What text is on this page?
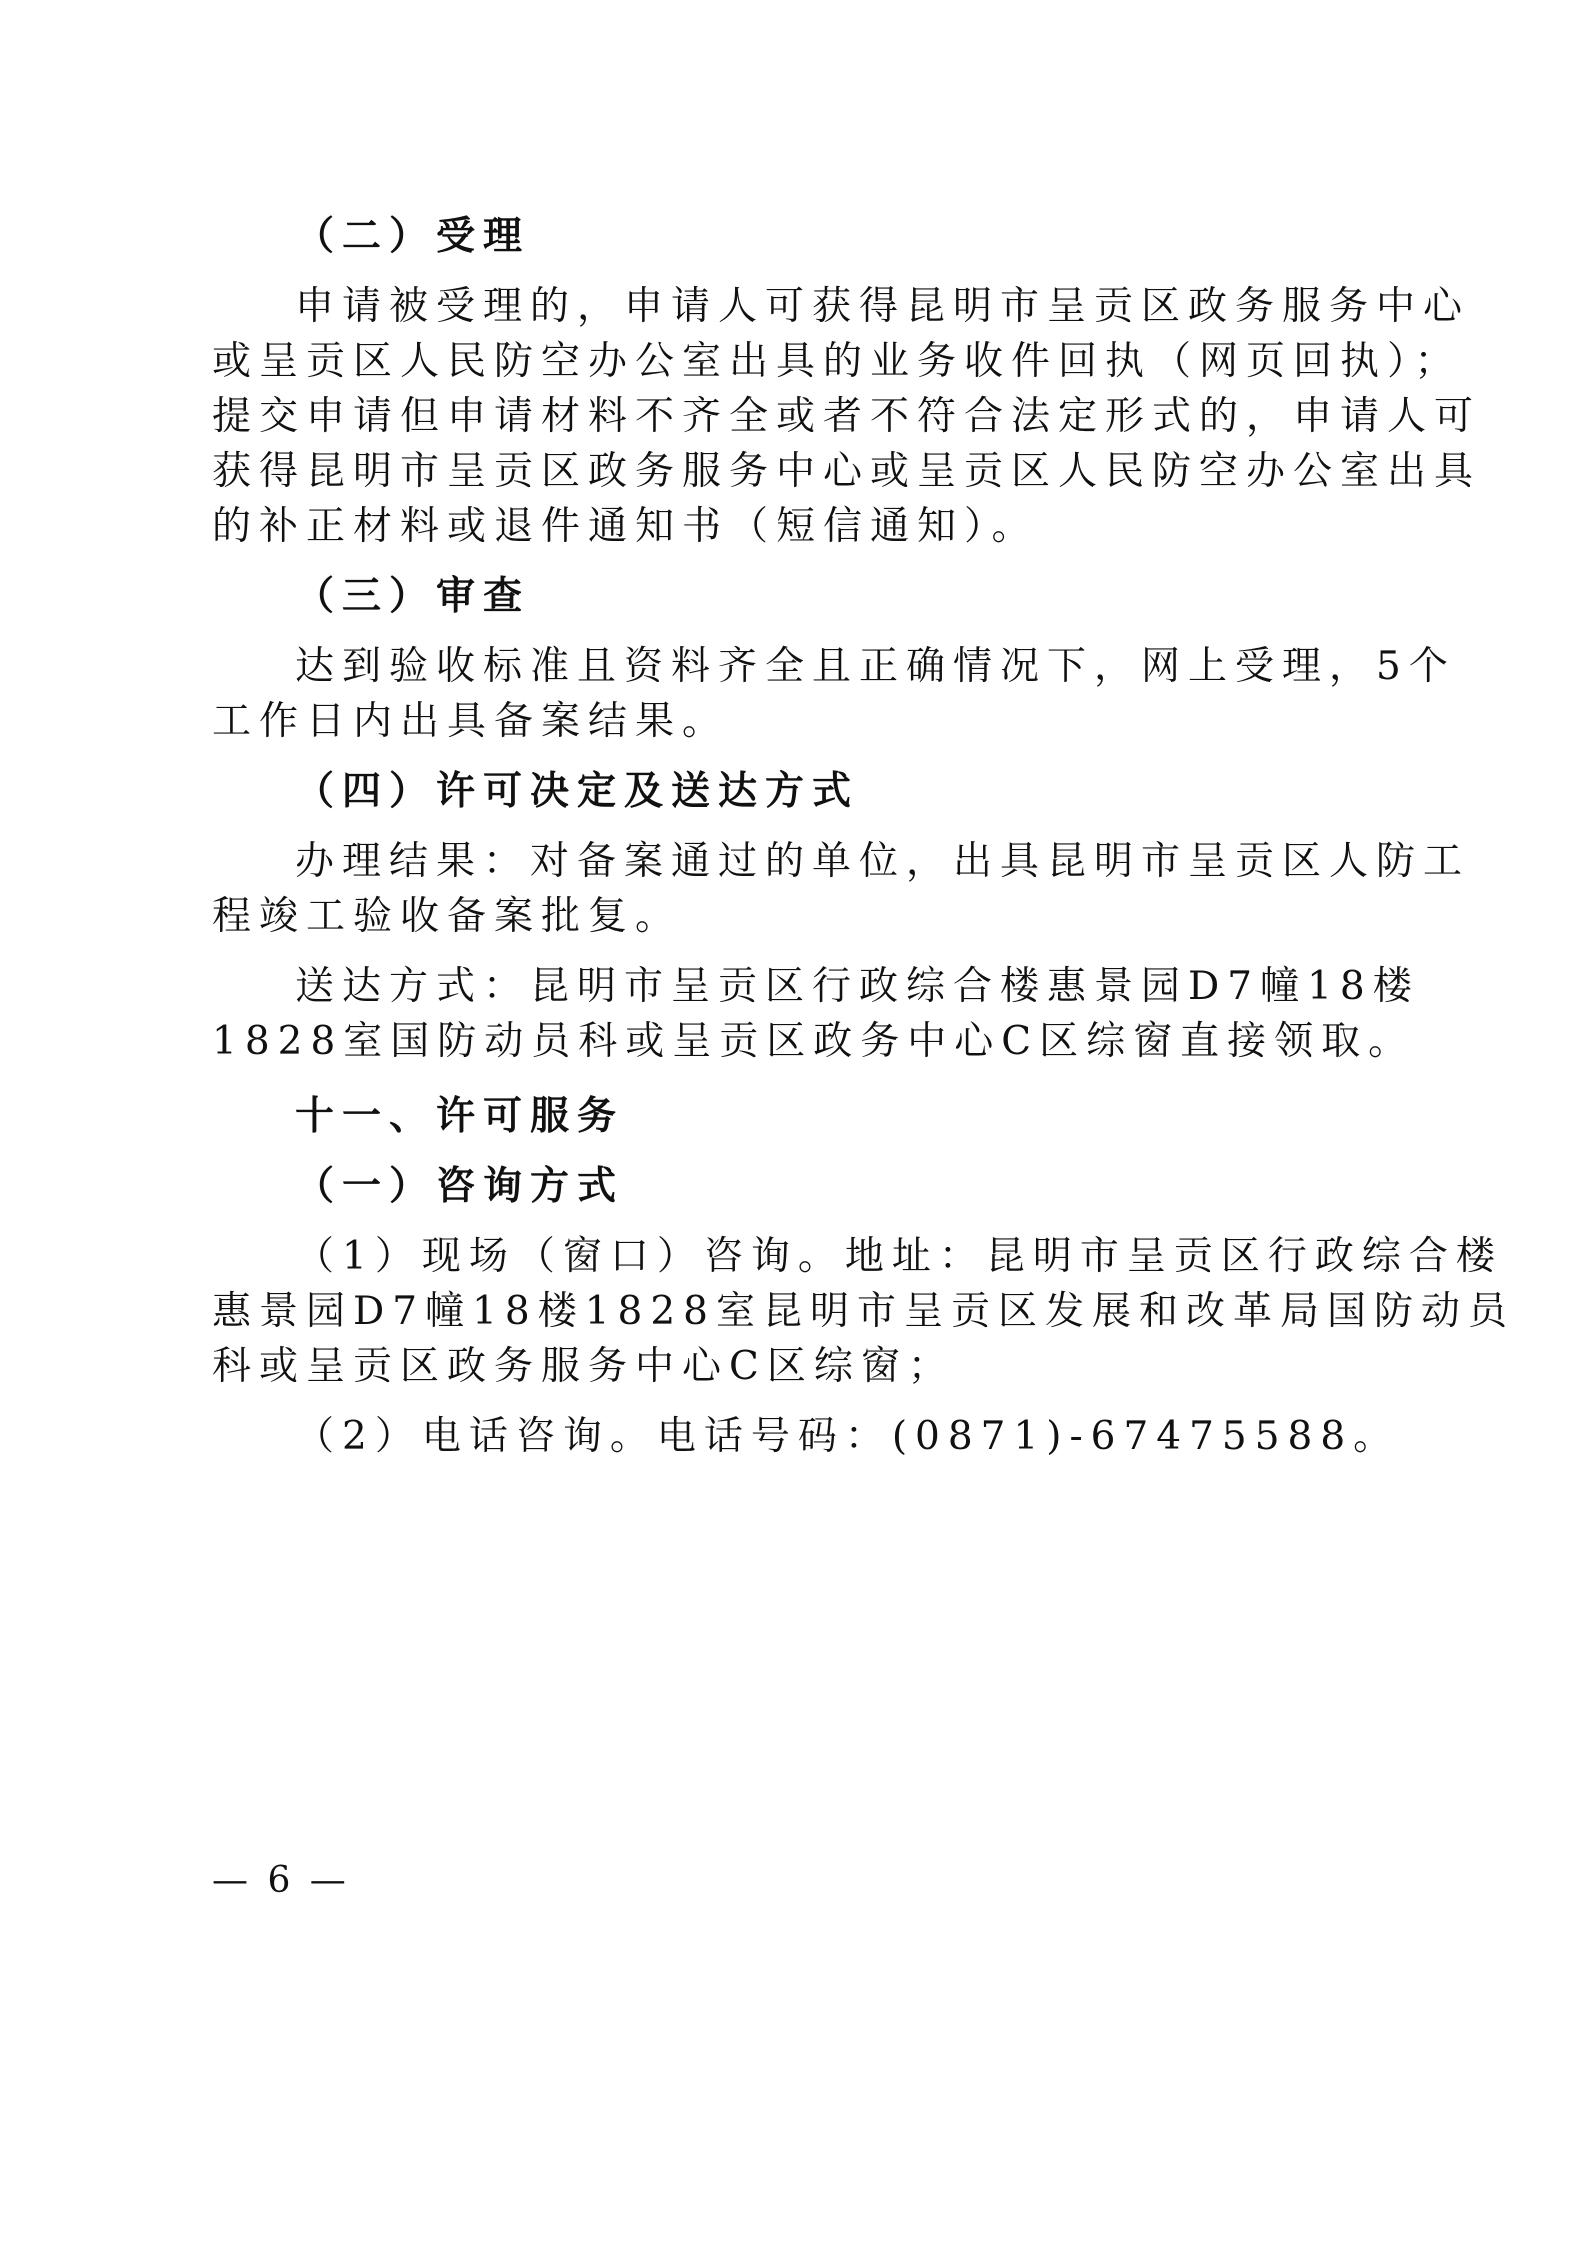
（二）受理
申请被受理的，申请人可获得昆明市呈贡区政务服务中心
或呈贡区人民防空办公室出具的业务收件回执（网页回执）；
提交申请但申请材料不齐全或者不符合法定形式的，申请人可
获得昆明市呈贡区政务服务中心或呈贡区人民防空办公室出具
的补正材料或退件通知书（短信通知）。
（三）审查
达到验收标准且资料齐全且正确情况下，网上受理，5个
工作日内出具备案结果。
（四）许可决定及送达方式
办理结果：对备案通过的单位，出具昆明市呈贡区人防工
程竣工验收备案批复。
送达方式：昆明市呈贡区行政综合楼惠景园D7幢18楼
1828室国防动员科或呈贡区政务中心C区综窗直接领取。
十一、许可服务
（一）咨询方式
（1）现场（窗口）咨询。地址：昆明市呈贡区行政综合楼
惠景园D7幢18楼1828室昆明市呈贡区发展和改革局国防动员
科或呈贡区政务服务中心C区综窗；
（2）电话咨询。电话号码：(0871)-67475588。
— 6 —
